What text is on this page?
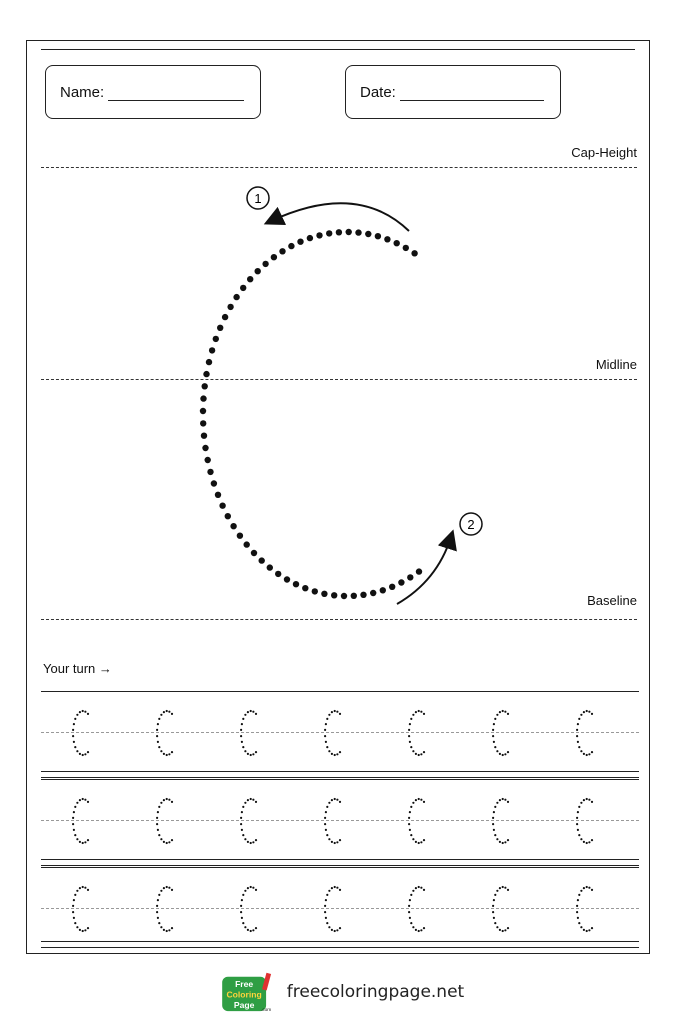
Name:	Date:
Cap-Height
Midline
Baseline
1
2
Your turn →
Free
Coloring
Page
.com
freecoloringpage.net
